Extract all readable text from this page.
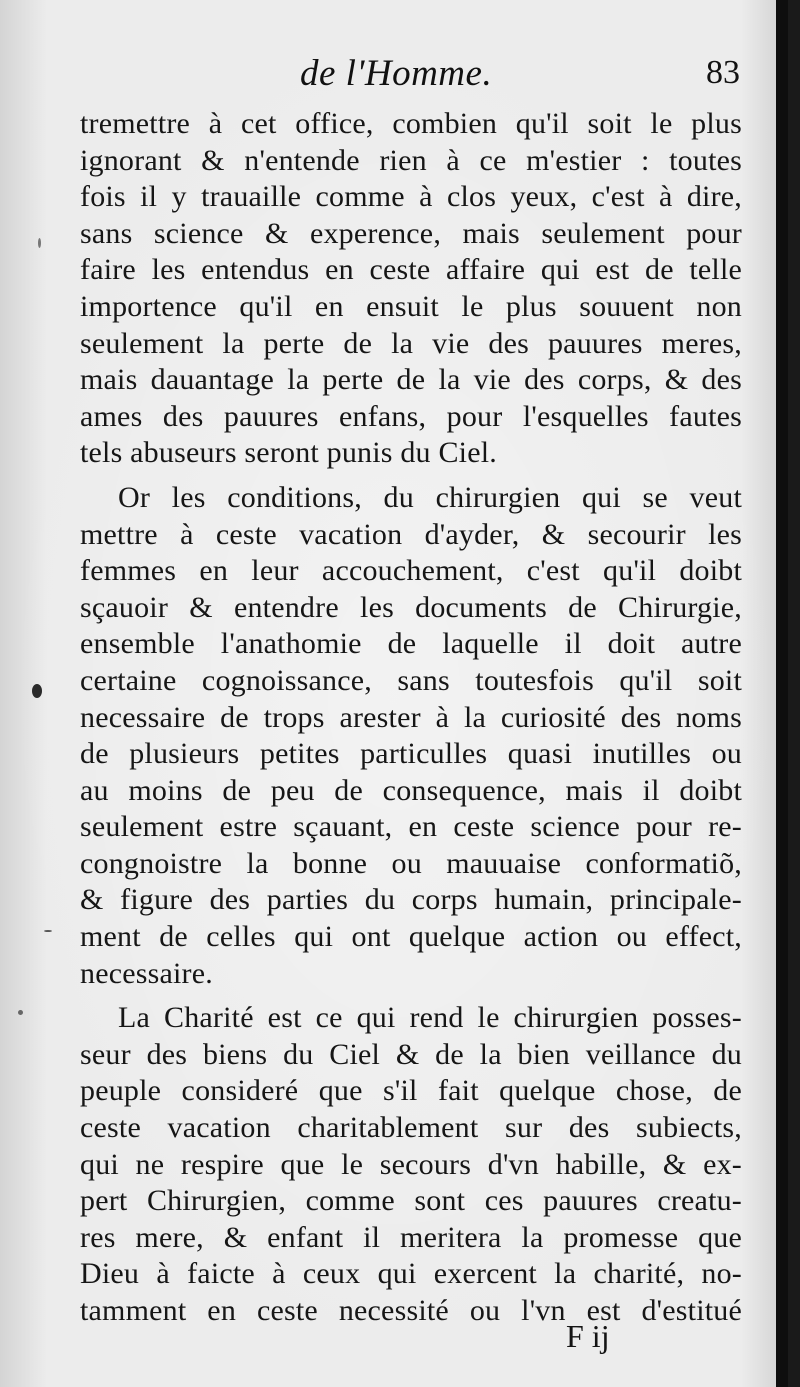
de l'Homme.	83
tremettre à cet office, combien qu'il soit le plus
ignorant & n'entende rien à ce m'estier : toutes
fois il y trauaille comme à clos yeux, c'est à dire,
sans science & experence, mais seulement pour
faire les entendus en ceste affaire qui est de telle
importence qu'il en ensuit le plus souuent non
seulement la perte de la vie des pauures meres,
mais dauantage la perte de la vie des corps, & des
ames des pauures enfans, pour l'esquelles fautes
tels abuseurs seront punis du Ciel.
Or les conditions, du chirurgien qui se veut
mettre à ceste vacation d'ayder, & secourir les
femmes en leur accouchement, c'est qu'il doibt
sçauoir & entendre les documents de Chirurgie,
ensemble l'anathomie de laquelle il doit autre
certaine cognoissance, sans toutesfois qu'il soit
necessaire de trops arester à la curiosité des noms
de plusieurs petites particulles quasi inutilles ou
au moins de peu de consequence, mais il doibt
seulement estre sçauant, en ceste science pour re-
congnoistre la bonne ou mauuaise conformatiõ,
& figure des parties du corps humain, principale-
ment de celles qui ont quelque action ou effect,
necessaire.
La Charité est ce qui rend le chirurgien posses-
seur des biens du Ciel & de la bien veillance du
peuple consideré que s'il fait quelque chose, de
ceste vacation charitablement sur des subiects,
qui ne respire que le secours d'vn habille, & ex-
pert Chirurgien, comme sont ces pauures creatu-
res mere, & enfant il meritera la promesse que
Dieu à faicte à ceux qui exercent la charité, no-
tamment en ceste necessité ou l'vn est d'estitué
F ij
